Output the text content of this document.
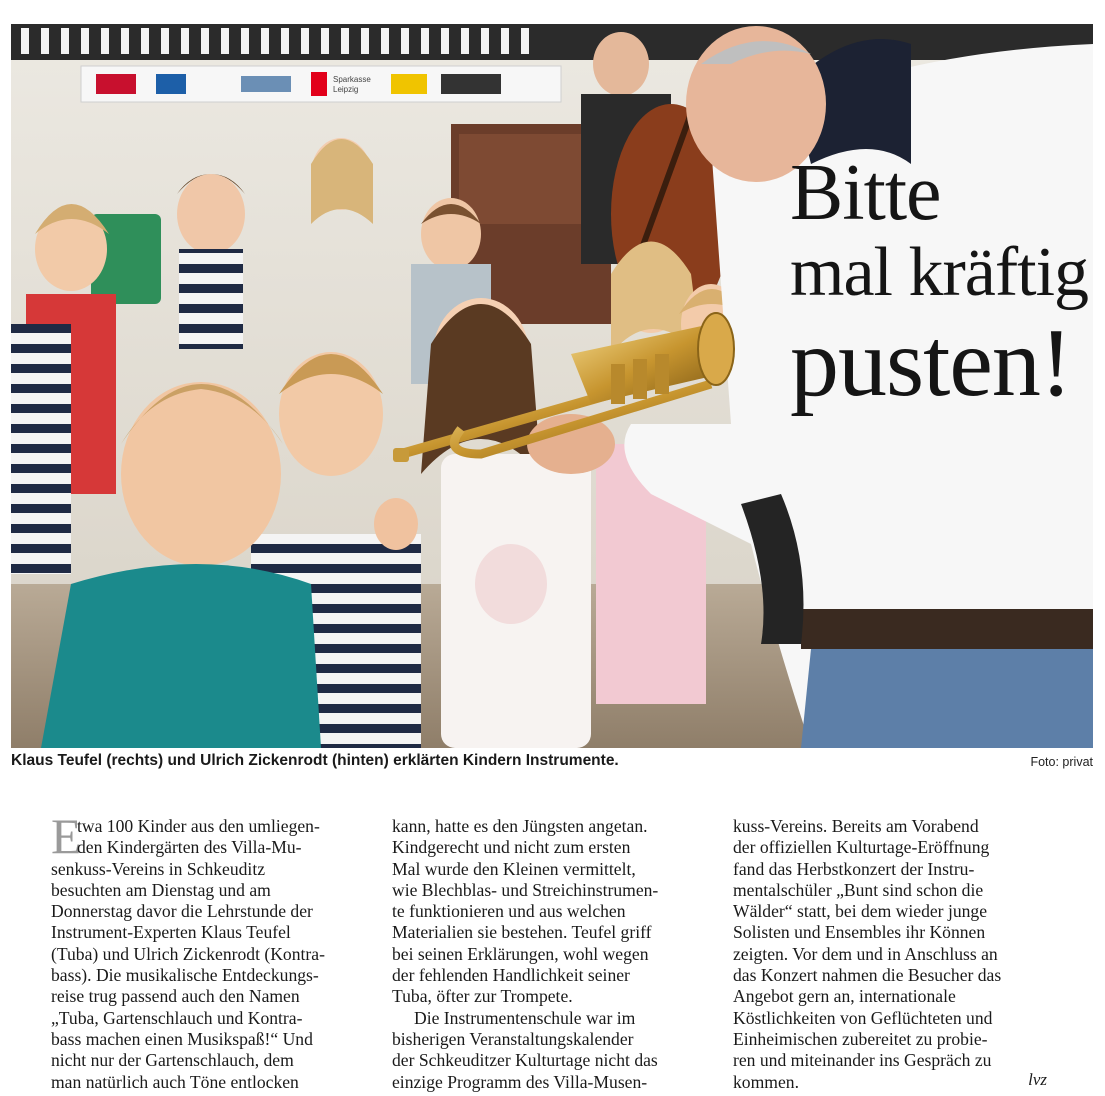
Sparkasse
Leipzig
Bitte
mal kräftig
pusten!
Klaus Teufel (rechts) und Ulrich Zickenrodt (hinten) erklärten Kindern Instrumente.	Foto: privat
E
twa 100 Kinder aus den umliegen-
den Kindergärten des Villa-Mu-
senkuss-Vereins in Schkeuditz
besuchten am Dienstag und am
Donnerstag davor die Lehrstunde der
Instrument-Experten Klaus Teufel
(Tuba) und Ulrich Zickenrodt (Kontra-
bass). Die musikalische Entdeckungs-
reise trug passend auch den Namen
„Tuba, Gartenschlauch und Kontra-
bass machen einen Musikspaß!“ Und
nicht nur der Gartenschlauch, dem
man natürlich auch Töne entlocken
kann, hatte es den Jüngsten angetan.
Kindgerecht und nicht zum ersten
Mal wurde den Kleinen vermittelt,
wie Blechblas- und Streichinstrumen-
te funktionieren und aus welchen
Materialien sie bestehen. Teufel griff
bei seinen Erklärungen, wohl wegen
der fehlenden Handlichkeit seiner
Tuba, öfter zur Trompete.
Die Instrumentenschule war im
bisherigen Veranstaltungskalender
der Schkeuditzer Kulturtage nicht das
einzige Programm des Villa-Musen-
kuss-Vereins. Bereits am Vorabend
der offiziellen Kulturtage-Eröffnung
fand das Herbstkonzert der Instru-
mentalschüler „Bunt sind schon die
Wälder“ statt, bei dem wieder junge
Solisten und Ensembles ihr Können
zeigten. Vor dem und in Anschluss an
das Konzert nahmen die Besucher das
Angebot gern an, internationale
Köstlichkeiten von Geflüchteten und
Einheimischen zubereitet zu probie-
ren und miteinander ins Gespräch zu
kommen.	lvz
